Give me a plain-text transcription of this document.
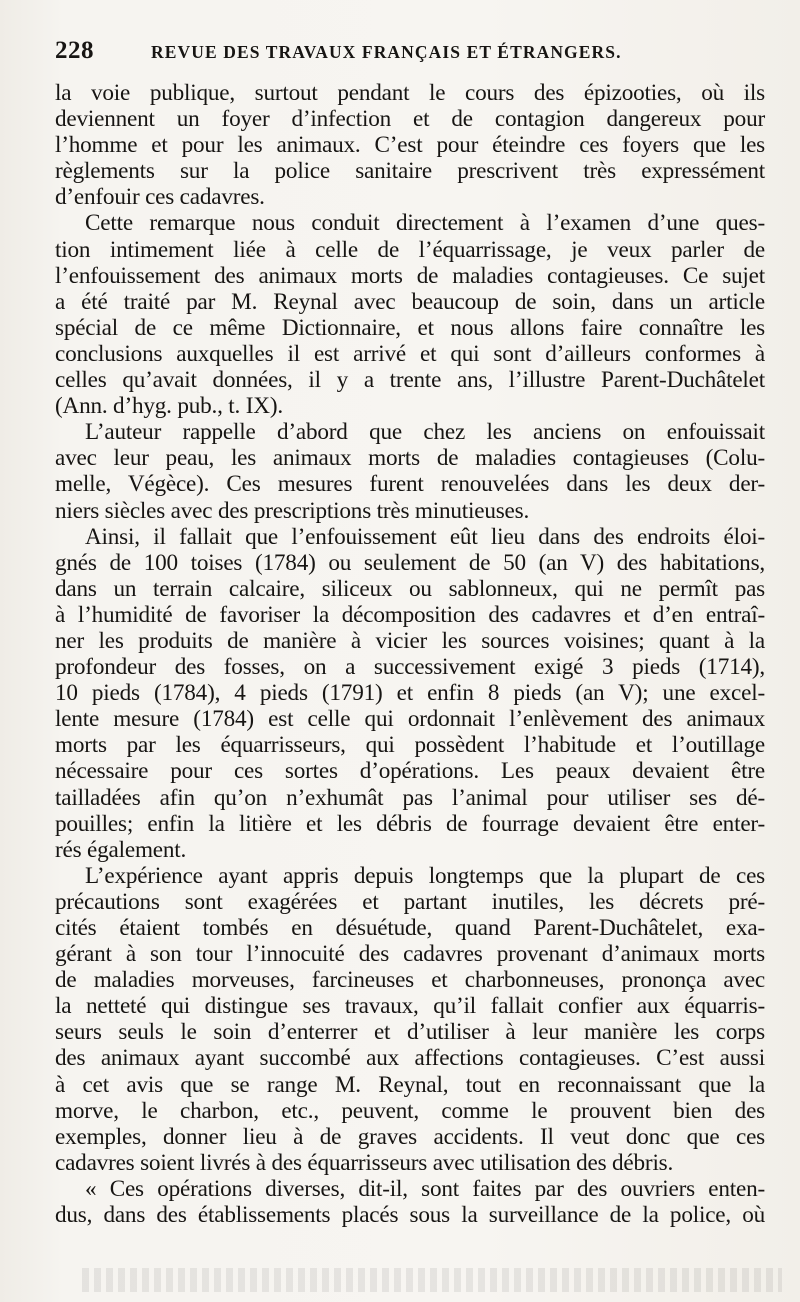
228	REVUE DES TRAVAUX FRANÇAIS ET ÉTRANGERS.
la voie publique, surtout pendant le cours des épizooties, où ils
deviennent un foyer d’infection et de contagion dangereux pour
l’homme et pour les animaux. C’est pour éteindre ces foyers que les
règlements sur la police sanitaire prescrivent très expressément
d’enfouir ces cadavres.
Cette remarque nous conduit directement à l’examen d’une ques-
tion intimement liée à celle de l’équarrissage, je veux parler de
l’enfouissement des animaux morts de maladies contagieuses. Ce sujet
a été traité par M. Reynal avec beaucoup de soin, dans un article
spécial de ce même Dictionnaire, et nous allons faire connaître les
conclusions auxquelles il est arrivé et qui sont d’ailleurs conformes à
celles qu’avait données, il y a trente ans, l’illustre Parent-Duchâtelet
(Ann. d’hyg. pub., t. IX).
L’auteur rappelle d’abord que chez les anciens on enfouissait
avec leur peau, les animaux morts de maladies contagieuses (Colu-
melle, Végèce). Ces mesures furent renouvelées dans les deux der-
niers siècles avec des prescriptions très minutieuses.
Ainsi, il fallait que l’enfouissement eût lieu dans des endroits éloi-
gnés de 100 toises (1784) ou seulement de 50 (an V) des habitations,
dans un terrain calcaire, siliceux ou sablonneux, qui ne permît pas
à l’humidité de favoriser la décomposition des cadavres et d’en entraî-
ner les produits de manière à vicier les sources voisines; quant à la
profondeur des fosses, on a successivement exigé 3 pieds (1714),
10 pieds (1784), 4 pieds (1791) et enfin 8 pieds (an V); une excel-
lente mesure (1784) est celle qui ordonnait l’enlèvement des animaux
morts par les équarrisseurs, qui possèdent l’habitude et l’outillage
nécessaire pour ces sortes d’opérations. Les peaux devaient être
tailladées afin qu’on n’exhumât pas l’animal pour utiliser ses dé-
pouilles; enfin la litière et les débris de fourrage devaient être enter-
rés également.
L’expérience ayant appris depuis longtemps que la plupart de ces
précautions sont exagérées et partant inutiles, les décrets pré-
cités étaient tombés en désuétude, quand Parent-Duchâtelet, exa-
gérant à son tour l’innocuité des cadavres provenant d’animaux morts
de maladies morveuses, farcineuses et charbonneuses, prononça avec
la netteté qui distingue ses travaux, qu’il fallait confier aux équarris-
seurs seuls le soin d’enterrer et d’utiliser à leur manière les corps
des animaux ayant succombé aux affections contagieuses. C’est aussi
à cet avis que se range M. Reynal, tout en reconnaissant que la
morve, le charbon, etc., peuvent, comme le prouvent bien des
exemples, donner lieu à de graves accidents. Il veut donc que ces
cadavres soient livrés à des équarrisseurs avec utilisation des débris.
« Ces opérations diverses, dit-il, sont faites par des ouvriers enten-
dus, dans des établissements placés sous la surveillance de la police, où
